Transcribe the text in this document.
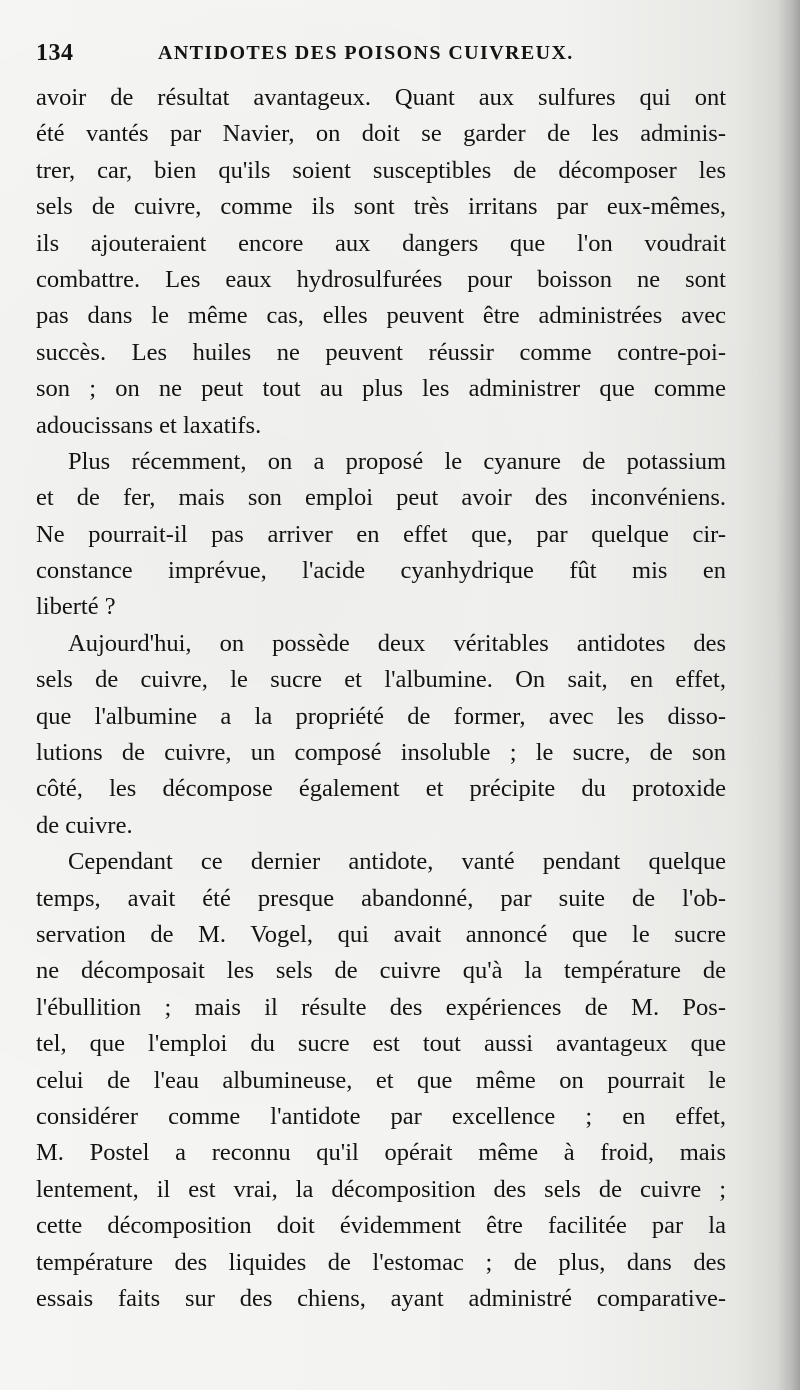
134	ANTIDOTES DES POISONS CUIVREUX.
avoir de résultat avantageux. Quant aux sulfures qui ont
été vantés par Navier, on doit se garder de les adminis-
trer, car, bien qu'ils soient susceptibles de décomposer les
sels de cuivre, comme ils sont très irritans par eux-mêmes,
ils ajouteraient encore aux dangers que l'on voudrait
combattre. Les eaux hydrosulfurées pour boisson ne sont
pas dans le même cas, elles peuvent être administrées avec
succès. Les huiles ne peuvent réussir comme contre-poi-
son ; on ne peut tout au plus les administrer que comme
adoucissans et laxatifs.
Plus récemment, on a proposé le cyanure de potassium
et de fer, mais son emploi peut avoir des inconvéniens.
Ne pourrait-il pas arriver en effet que, par quelque cir-
constance imprévue, l'acide cyanhydrique fût mis en
liberté ?
Aujourd'hui, on possède deux véritables antidotes des
sels de cuivre, le sucre et l'albumine. On sait, en effet,
que l'albumine a la propriété de former, avec les disso-
lutions de cuivre, un composé insoluble ; le sucre, de son
côté, les décompose également et précipite du protoxide
de cuivre.
Cependant ce dernier antidote, vanté pendant quelque
temps, avait été presque abandonné, par suite de l'ob-
servation de M. Vogel, qui avait annoncé que le sucre
ne décomposait les sels de cuivre qu'à la température de
l'ébullition ; mais il résulte des expériences de M. Pos-
tel, que l'emploi du sucre est tout aussi avantageux que
celui de l'eau albumineuse, et que même on pourrait le
considérer comme l'antidote par excellence ; en effet,
M. Postel a reconnu qu'il opérait même à froid, mais
lentement, il est vrai, la décomposition des sels de cuivre ;
cette décomposition doit évidemment être facilitée par la
température des liquides de l'estomac ; de plus, dans des
essais faits sur des chiens, ayant administré comparative-
